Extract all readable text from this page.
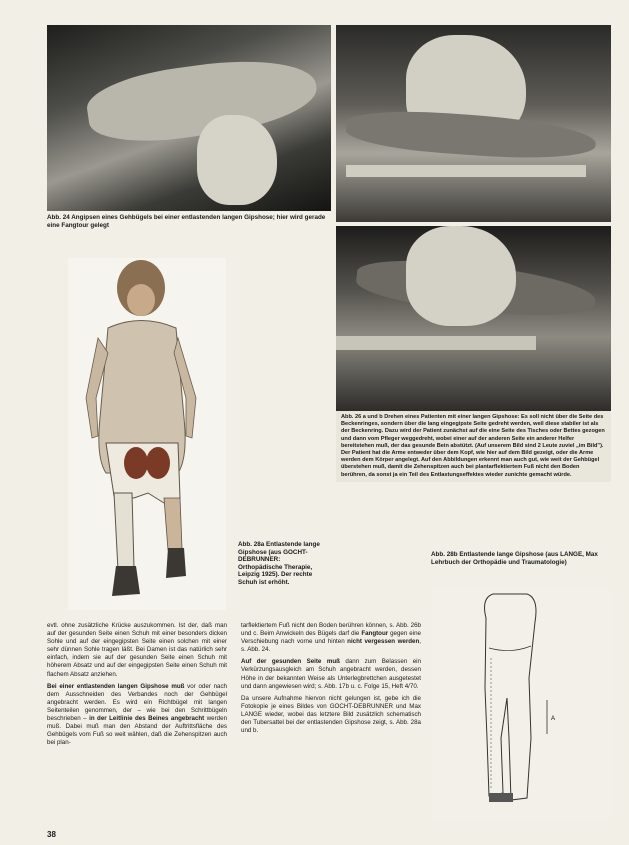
Abb. 24 Angipsen eines Gehbügels bei einer entlastenden langen Gipshose; hier wird gerade eine Fangtour gelegt
Abb. 26 a und b Drehen eines Patienten mit einer langen Gipshose: Es soll nicht über die Seite des Beckenringes, sondern über die lang eingegipste Seite gedreht werden, weil diese stabiler ist als der Beckenring. Dazu wird der Patient zunächst auf die eine Seite des Tisches oder Bettes gezogen und dann vom Pfleger weggedreht, wobei einer auf der anderen Seite ein anderer Helfer bereitstehen muß, der das gesunde Bein abstützt. (Auf unserem Bild sind 2 Leute zuviel „im Bild"). Der Patient hat die Arme entweder über dem Kopf, wie hier auf dem Bild gezeigt, oder die Arme werden dem Körper angelegt. Auf den Abbildungen erkennt man auch gut, wie weit der Gehbügel überstehen muß, damit die Zehenspitzen auch bei plantarflektiertem Fuß nicht den Boden berühren, da sonst ja ein Teil des Entlastungseffektes wieder zunichte gemacht würde.
Abb. 28a Entlastende lange Gipshose (aus GOCHT-DEBRUNNER: Orthopädische Therapie, Leipzig 1925). Der rechte Schuh ist erhöht.
Abb. 28b Entlastende lange Gipshose (aus LANGE, Max Lehrbuch der Orthopädie und Traumatologie)
A

evtl. ohne zusätzliche Krücke auszukommen. Ist der, daß man auf der gesunden Seite einen Schuh mit einer besonders dicken Sohle und auf der eingegipsten Seite einen solchen mit einer sehr dünnen Sohle tragen läßt. Bei Damen ist das natürlich sehr einfach, indem sie auf der gesunden Seite einen Schuh mit höherem Absatz und auf der eingegipsten Seite einen Schuh mit flachem Absatz anziehen.

Bei einer entlastenden langen Gipshose muß vor oder nach dem Ausschneiden des Verbandes noch der Gehbügel angebracht werden. Es wird ein Richtbügel mit langen Seitenteilen genommen, der – wie bei den Schrittbügeln beschrieben – in der Leitlinie des Beines angebracht werden muß. Dabei muß man den Abstand der Auftrittsfläche des Gehbügels vom Fuß so weit wählen, daß die Zehenspitzen auch bei plan-

tarflektiertem Fuß nicht den Boden berühren können, s. Abb. 26b und c. Beim Anwickeln des Bügels darf die Fangtour gegen eine Verschiebung nach vorne und hinten nicht vergessen werden, s. Abb. 24.

Auf der gesunden Seite muß dann zum Belassen ein Verkürzungsausgleich am Schuh angebracht werden, dessen Höhe in der bekannten Weise als Unterlegbrettchen ausgetestet und dann angewiesen wird; s. Abb. 17b u. c. Folge 15, Heft 4/70.

Da unsere Aufnahme hiervon nicht gelungen ist, gebe ich die Fotokopie je eines Bildes von GOCHT-DEBRUNNER und Max LANGE wieder, wobei das letztere Bild zusätzlich schematisch den Tubersattel bei der entlastenden Gipshose zeigt, s. Abb. 28a und b.

38
